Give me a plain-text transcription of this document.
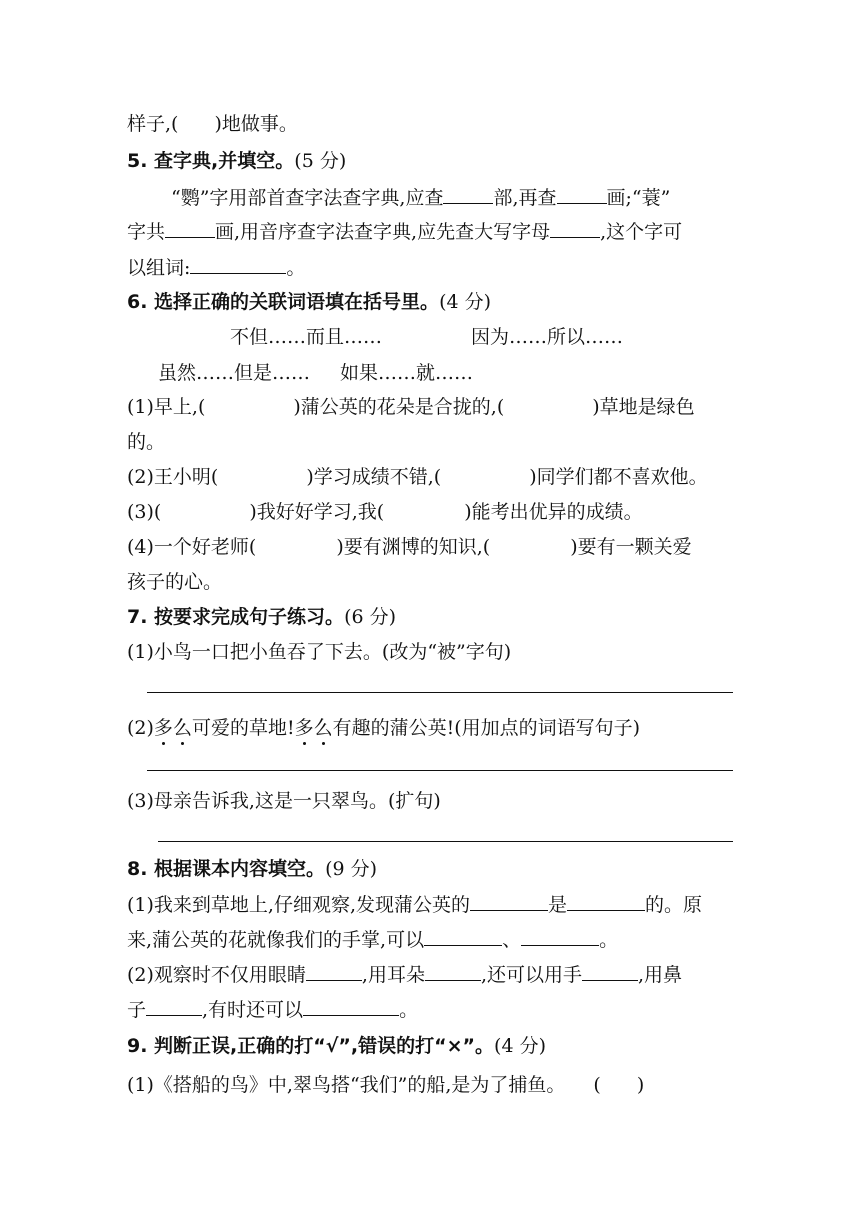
样子,( )地做事。
5. 查字典,并填空。(5 分)
“鹦”字用部首查字法查字典,应查	部,再查	画;“蓑”
字共	画,用音序查字法查字典,应先查大写字母	,这个字可
以组词:	。
6. 选择正确的关联词语填在括号里。(4 分)
不但……而且……	因为……所以……
虽然……但是…… 如果……就……
(1)早上,(	)蒲公英的花朵是合拢的,(	)草地是绿色
的。
(2)王小明(	)学习成绩不错,(	)同学们都不喜欢他。
(3)(	)我好好学习,我(	)能考出优异的成绩。
(4)一个好老师(	)要有渊博的知识,(	)要有一颗关爱
孩子的心。
7. 按要求完成句子练习。(6 分)
(1)小鸟一口把小鱼吞了下去。(改为“被”字句)
(2)多么可爱的草地!多么有趣的蒲公英!(用加点的词语写句子)
(3)母亲告诉我,这是一只翠鸟。(扩句)
8. 根据课本内容填空。(9 分)
(1)我来到草地上,仔细观察,发现蒲公英的	是	的。原
来,蒲公英的花就像我们的手掌,可以	、	。
(2)观察时不仅用眼睛	,用耳朵	,还可以用手	,用鼻
子	,有时还可以	。
9. 判断正误,正确的打“√”,错误的打“×”。(4 分)
(1)《搭船的鸟》中,翠鸟搭“我们”的船,是为了捕鱼。 ( )
